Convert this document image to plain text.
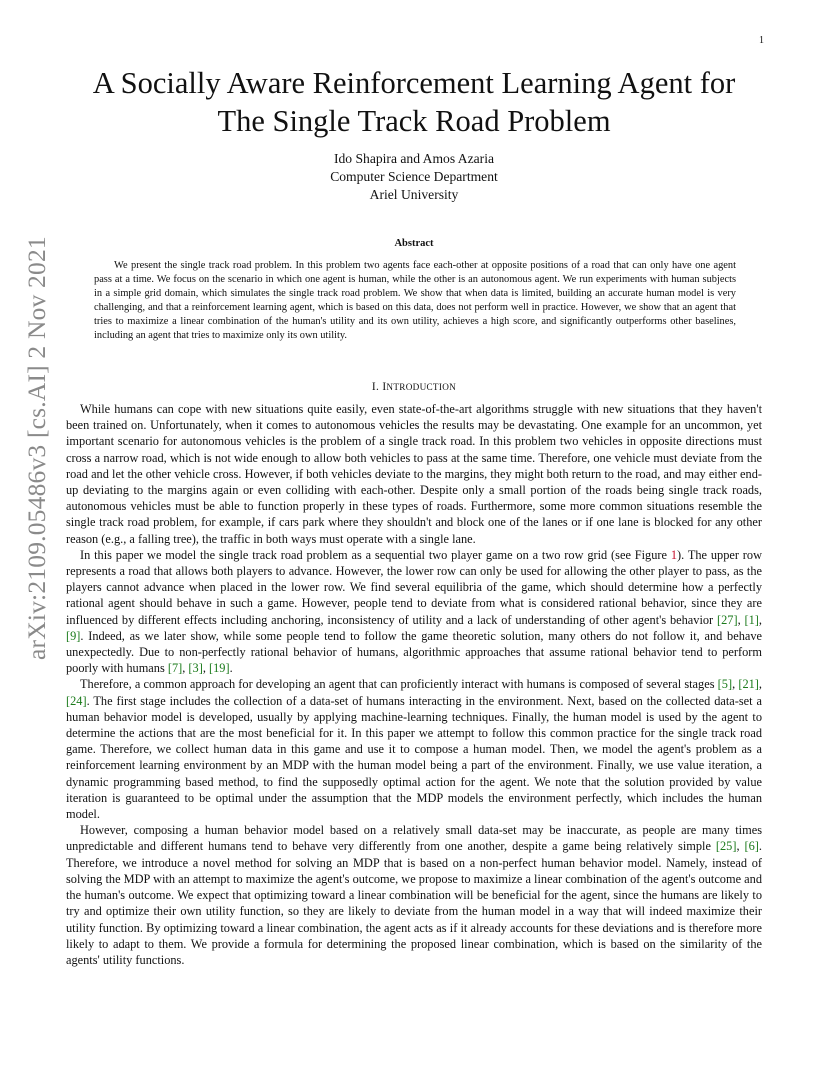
1
arXiv:2109.05486v3 [cs.AI] 2 Nov 2021
A Socially Aware Reinforcement Learning Agent for The Single Track Road Problem
Ido Shapira and Amos Azaria
Computer Science Department
Ariel University
Abstract

We present the single track road problem. In this problem two agents face each-other at opposite positions of a road that can only have one agent pass at a time. We focus on the scenario in which one agent is human, while the other is an autonomous agent. We run experiments with human subjects in a simple grid domain, which simulates the single track road problem. We show that when data is limited, building an accurate human model is very challenging, and that a reinforcement learning agent, which is based on this data, does not perform well in practice. However, we show that an agent that tries to maximize a linear combination of the human's utility and its own utility, achieves a high score, and significantly outperforms other baselines, including an agent that tries to maximize only its own utility.

I. INTRODUCTION

While humans can cope with new situations quite easily, even state-of-the-art algorithms struggle with new situations that they haven't been trained on. Unfortunately, when it comes to autonomous vehicles the results may be devastating. One example for an uncommon, yet important scenario for autonomous vehicles is the problem of a single track road. In this problem two vehicles in opposite directions must cross a narrow road, which is not wide enough to allow both vehicles to pass at the same time. Therefore, one vehicle must deviate from the road and let the other vehicle cross. However, if both vehicles deviate to the margins, they might both return to the road, and may either end-up deviating to the margins again or even colliding with each-other. Despite only a small portion of the roads being single track roads, autonomous vehicles must be able to function properly in these types of roads. Furthermore, some more common situations resemble the single track road problem, for example, if cars park where they shouldn't and block one of the lanes or if one lane is blocked for any other reason (e.g., a falling tree), the traffic in both ways must operate with a single lane.

In this paper we model the single track road problem as a sequential two player game on a two row grid (see Figure 1). The upper row represents a road that allows both players to advance. However, the lower row can only be used for allowing the other player to pass, as the players cannot advance when placed in the lower row. We find several equilibria of the game, which should determine how a perfectly rational agent should behave in such a game. However, people tend to deviate from what is considered rational behavior, since they are influenced by different effects including anchoring, inconsistency of utility and a lack of understanding of other agent's behavior [27], [1], [9]. Indeed, as we later show, while some people tend to follow the game theoretic solution, many others do not follow it, and behave unexpectedly. Due to non-perfectly rational behavior of humans, algorithmic approaches that assume rational behavior tend to perform poorly with humans [7], [3], [19].

Therefore, a common approach for developing an agent that can proficiently interact with humans is composed of several stages [5], [21], [24]. The first stage includes the collection of a data-set of humans interacting in the environment. Next, based on the collected data-set a human behavior model is developed, usually by applying machine-learning techniques. Finally, the human model is used by the agent to determine the actions that are the most beneficial for it. In this paper we attempt to follow this common practice for the single track road game. Therefore, we collect human data in this game and use it to compose a human model. Then, we model the agent's problem as a reinforcement learning environment by an MDP with the human model being a part of the environment. Finally, we use value iteration, a dynamic programming based method, to find the supposedly optimal action for the agent. We note that the solution provided by value iteration is guaranteed to be optimal under the assumption that the MDP models the environment perfectly, which includes the human model.

However, composing a human behavior model based on a relatively small data-set may be inaccurate, as people are many times unpredictable and different humans tend to behave very differently from one another, despite a game being relatively simple [25], [6]. Therefore, we introduce a novel method for solving an MDP that is based on a non-perfect human behavior model. Namely, instead of solving the MDP with an attempt to maximize the agent's outcome, we propose to maximize a linear combination of the agent's outcome and the human's outcome. We expect that optimizing toward a linear combination will be beneficial for the agent, since the humans are likely to try and optimize their own utility function, so they are likely to deviate from the human model in a way that will indeed maximize their utility function. By optimizing toward a linear combination, the agent acts as if it already accounts for these deviations and is therefore more likely to adapt to them. We provide a formula for determining the proposed linear combination, which is based on the similarity of the agents' utility functions.
